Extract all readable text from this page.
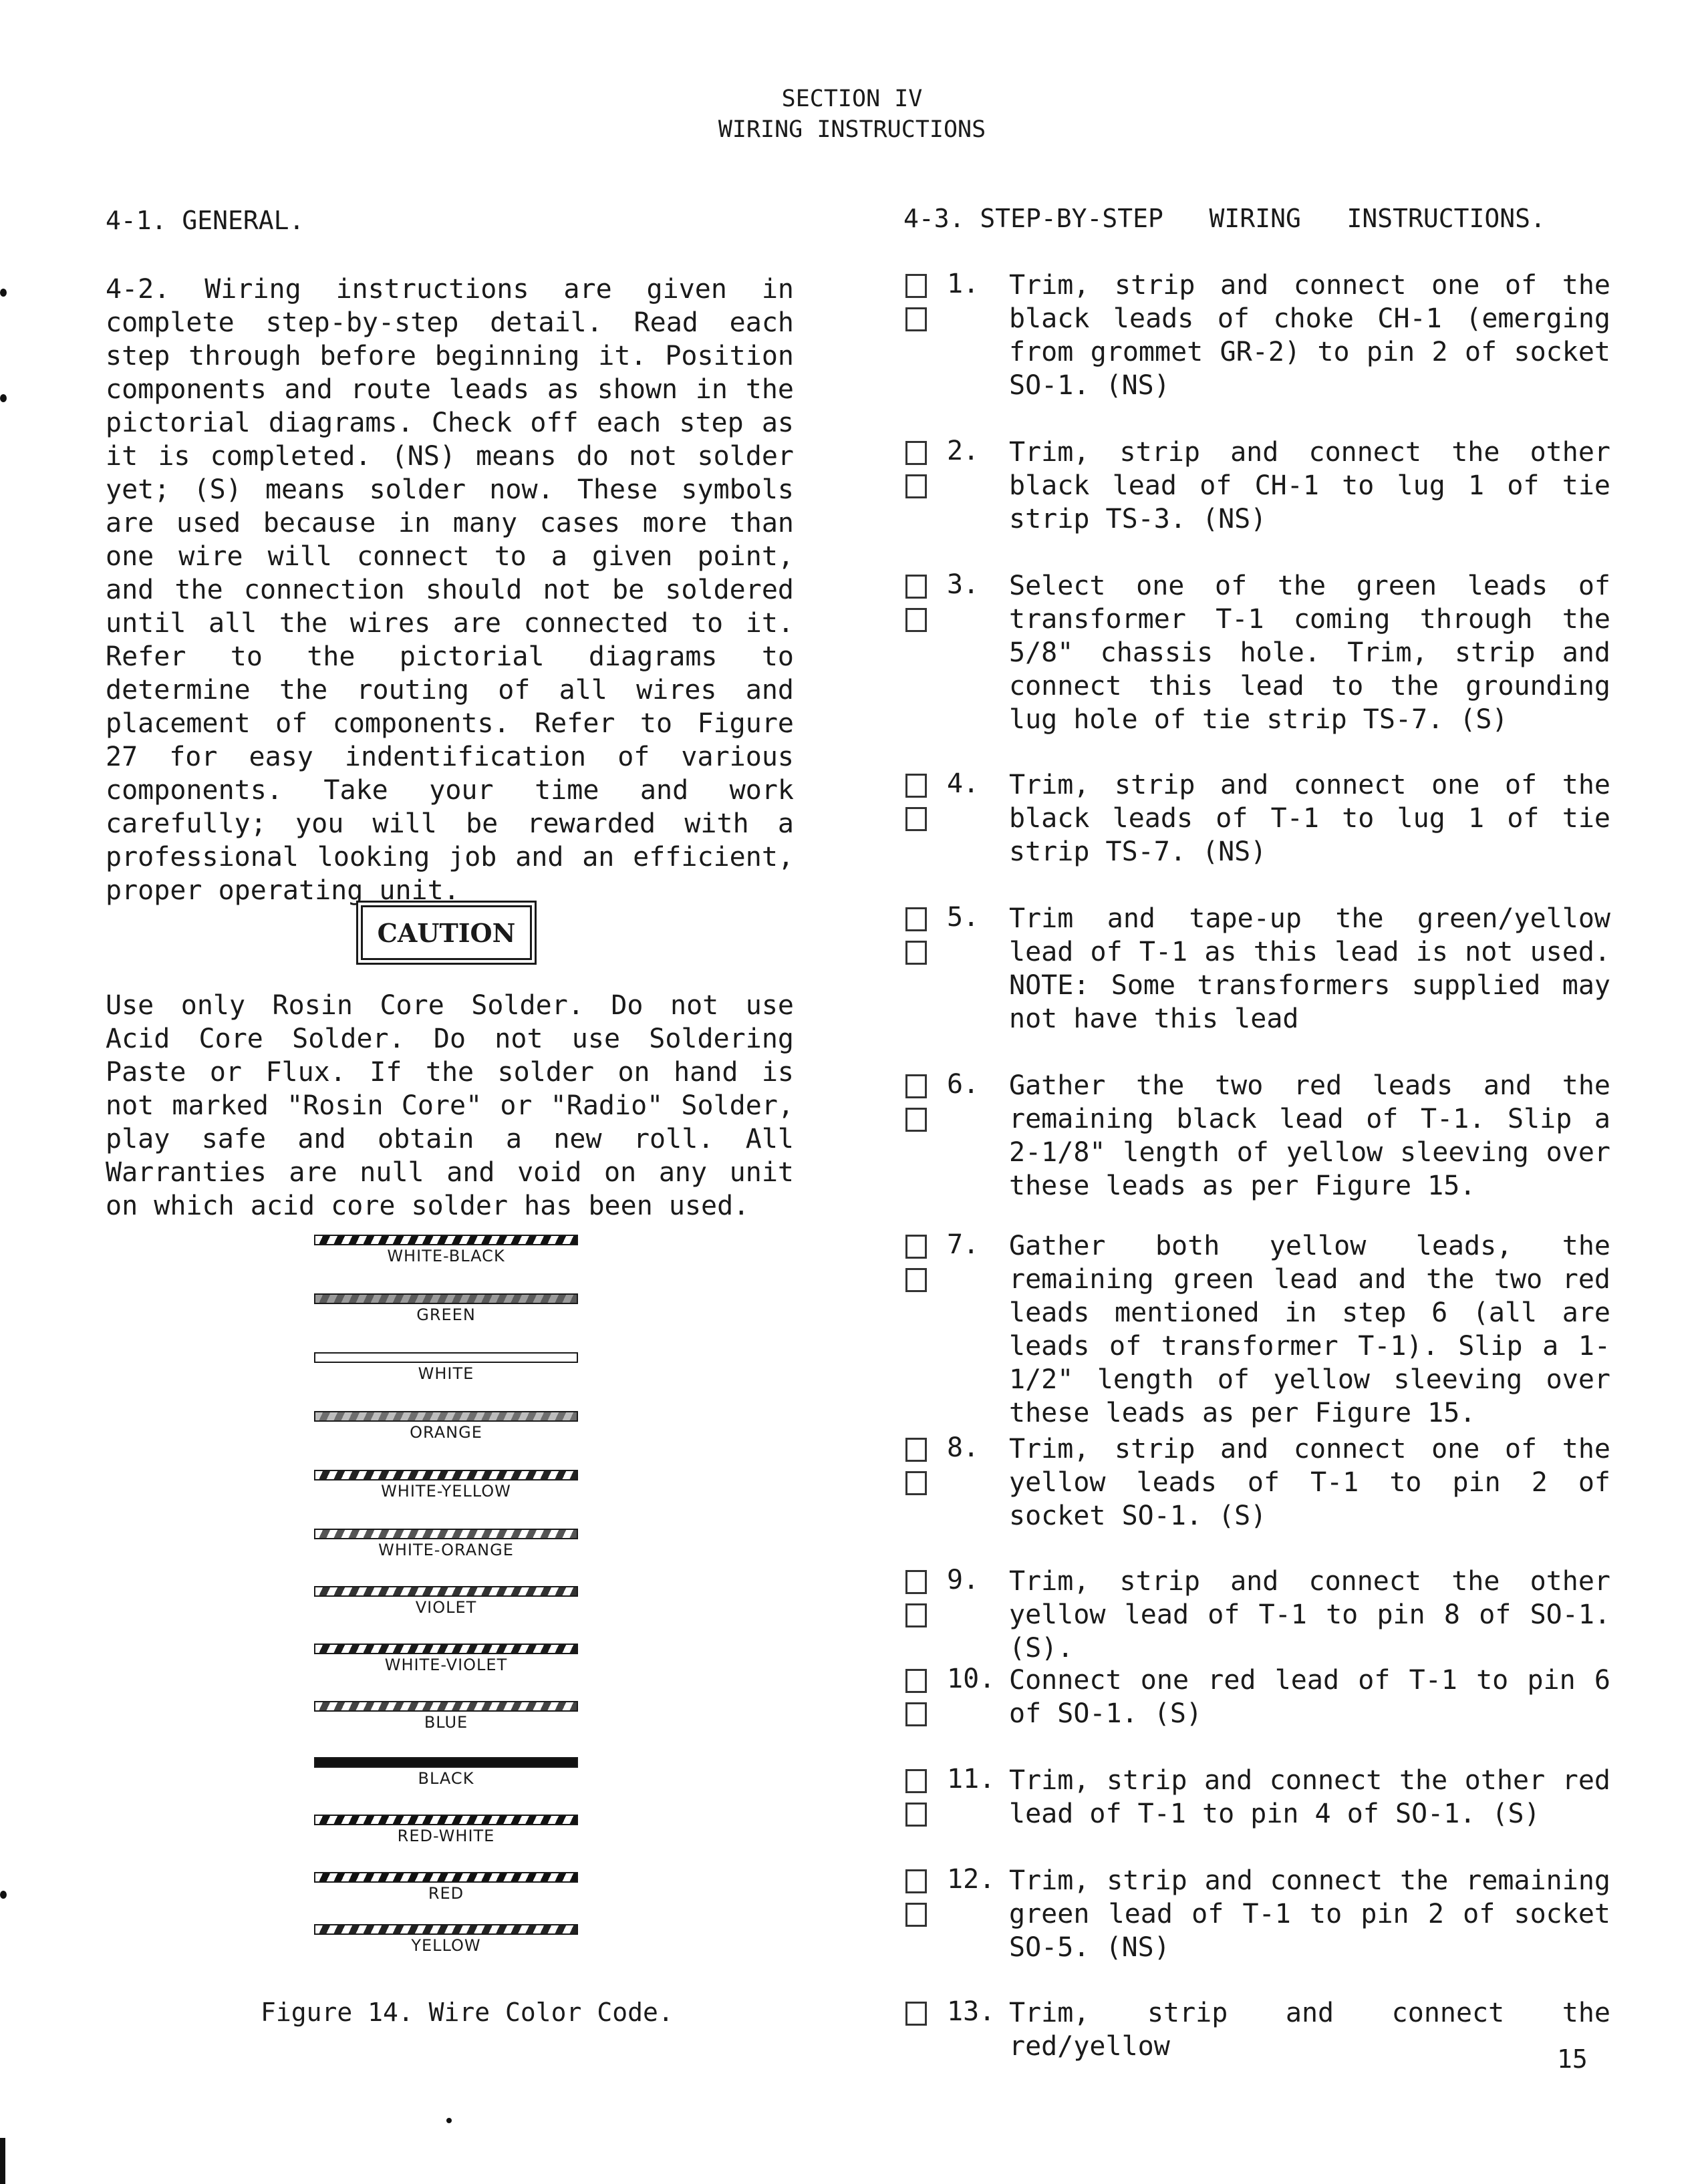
SECTION IV
WIRING INSTRUCTIONS
4-1. GENERAL.
4-2. Wiring instructions are given in complete step-by-step detail. Read each step through before beginning it. Position components and route leads as shown in the pictorial diagrams. Check off each step as it is completed. (NS) means do not solder yet; (S) means solder now. These symbols are used because in many cases more than one wire will connect to a given point, and the connection should not be soldered until all the wires are connected to it. Refer to the pictorial diagrams to determine the routing of all wires and placement of components. Refer to Figure 27 for easy indentification of various components. Take your time and work carefully; you will be rewarded with a professional looking job and an efficient, proper operating unit.
CAUTION
Use only Rosin Core Solder. Do not use Acid Core Solder. Do not use Soldering Paste or Flux. If the solder on hand is not marked "Rosin Core" or "Radio" Solder, play safe and obtain a new roll. All Warranties are null and void on any unit on which acid core solder has been used.
WHITE-BLACK
GREEN
WHITE
ORANGE
WHITE-YELLOW
WHITE-ORANGE
VIOLET
WHITE-VIOLET
BLUE
BLACK
RED-WHITE
RED
YELLOW
Figure 14. Wire Color Code.
4-3. STEP-BY-STEP   WIRING   INSTRUCTIONS.
1. Trim, strip and connect one of the black leads of choke CH-1 (emerging from grommet GR-2) to pin 2 of socket SO-1. (NS)
2. Trim, strip and connect the other black lead of CH-1 to lug 1 of tie strip TS-3. (NS)
3. Select one of the green leads of transformer T-1 coming through the 5/8" chassis hole. Trim, strip and connect this lead to the grounding lug hole of tie strip TS-7. (S)
4. Trim, strip and connect one of the black leads of T-1 to lug 1 of tie strip TS-7. (NS)
5. Trim and tape-up the green/yellow lead of T-1 as this lead is not used. NOTE: Some transformers supplied may not have this lead
6. Gather the two red leads and the remaining black lead of T-1. Slip a 2-1/8" length of yellow sleeving over these leads as per Figure 15.
7. Gather both yellow leads, the remaining green lead and the two red leads mentioned in step 6 (all are leads of transformer T-1). Slip a 1-1/2" length of yellow sleeving over these leads as per Figure 15.
8. Trim, strip and connect one of the yellow leads of T-1 to pin 2 of socket SO-1. (S)
9. Trim, strip and connect the other yellow lead of T-1 to pin 8 of SO-1. (S).
10. Connect one red lead of T-1 to pin 6 of SO-1. (S)
11. Trim, strip and connect the other red lead of T-1 to pin 4 of SO-1. (S)
12. Trim, strip and connect the remaining green lead of T-1 to pin 2 of socket SO-5. (NS)
13. Trim, strip and connect the red/yellow	15
